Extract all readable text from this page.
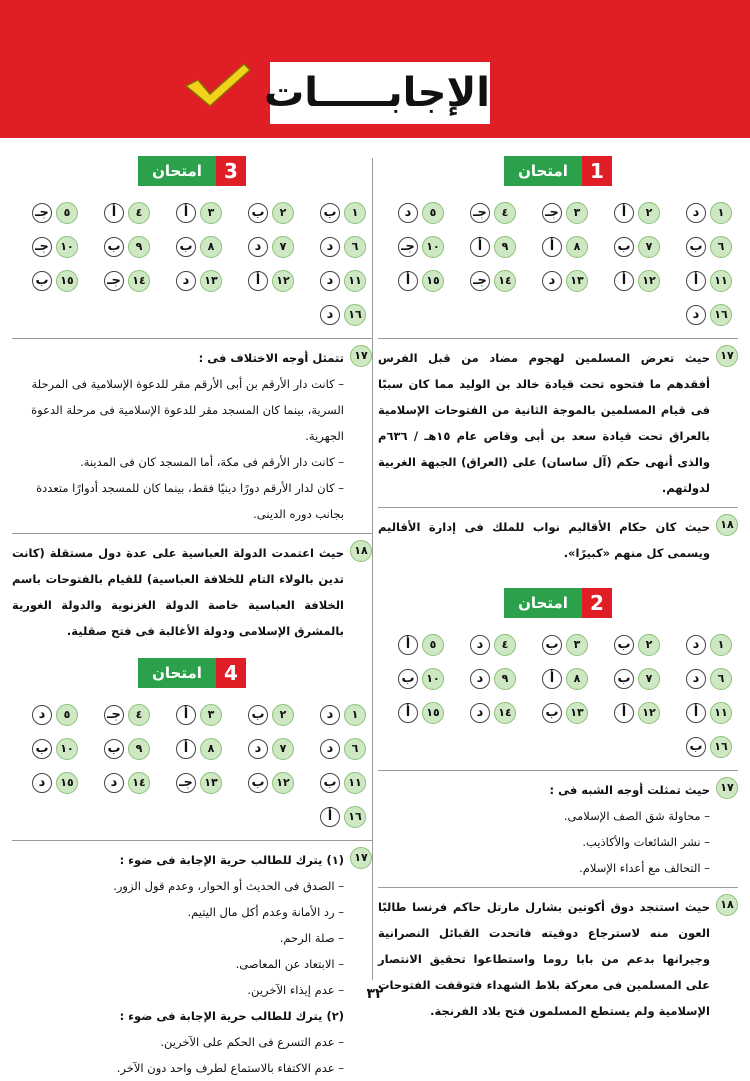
الإجابـــــات
1
امتحان
١
د
٢
أ
٣
جـ
٤
جـ
٥
د
٦
ب
٧
ب
٨
أ
٩
أ
١٠
جـ
١١
أ
١٢
أ
١٣
د
١٤
جـ
١٥
أ
١٦
د
١٧
حيث تعرض المسلمين لهجوم مضاد من قبل الفرس أفقدهم ما فتحوه تحت قيادة خالد بن الوليد مما كان سببًا فى قيام المسلمين بالموجة الثانية من الفتوحات الإسلامية بالعراق تحت قيادة سعد بن أبى وقاص عام ١٥هـ / ٦٣٦م والذى أنهى حكم (آل ساسان) على (العراق) الجبهة الغربية لدولتهم.
١٨
حيث كان حكام الأقاليم نواب للملك فى إدارة الأقاليم ويسمى كل منهم «كبيرًا».
2
امتحان
١
د
٢
ب
٣
ب
٤
د
٥
أ
٦
د
٧
ب
٨
أ
٩
د
١٠
ب
١١
أ
١٢
أ
١٣
ب
١٤
د
١٥
أ
١٦
ب
١٧
حيث تمثلت أوجه الشبه فى :
– محاولة شق الصف الإسلامى.
– نشر الشائعات والأكاذيب.
– التحالف مع أعداء الإسلام.
١٨
حيث استنجد دوق أكوتين بشارل مارتل حاكم فرنسا طالبًا العون منه لاسترجاع دوقيته فاتحدت القبائل النصرانية وجيرانها بدعم من بابا روما واستطاعوا تحقيق الانتصار على المسلمين فى معركة بلاط الشهداء فتوقفت الفتوحات الإسلامية ولم يستطع المسلمون فتح بلاد الفرنجة.
3
امتحان
١
ب
٢
ب
٣
أ
٤
أ
٥
جـ
٦
د
٧
د
٨
ب
٩
ب
١٠
جـ
١١
د
١٢
أ
١٣
د
١٤
جـ
١٥
ب
١٦
د
١٧
تتمثل أوجه الاختلاف فى :
– كانت دار الأرقم بن أبى الأرقم مقر للدعوة الإسلامية فى المرحلة السرية، بينما كان المسجد مقر للدعوة الإسلامية فى مرحلة الدعوة الجهرية.
– كانت دار الأرقم فى مكة، أما المسجد كان فى المدينة.
– كان لدار الأرقم دورًا دينيًا فقط، بينما كان للمسجد أدوارًا متعددة بجانب دوره الدينى.
١٨
حيث اعتمدت الدولة العباسية على عدة دول مستقلة (كانت تدين بالولاء التام للخلافة العباسية) للقيام بالفتوحات باسم الخلافة العباسية خاصة الدولة الغزنوية والدولة الغورية بالمشرق الإسلامى ودولة الأغالبة فى فتح صقلية.
4
امتحان
١
د
٢
ب
٣
أ
٤
جـ
٥
د
٦
د
٧
د
٨
أ
٩
ب
١٠
ب
١١
ب
١٢
ب
١٣
جـ
١٤
د
١٥
د
١٦
أ
١٧
(١) يترك للطالب حرية الإجابة فى ضوء :
– الصدق فى الحديث أو الحوار، وعدم قول الزور.
– رد الأمانة وعدم أكل مال اليتيم.
– صلة الرحم.
– الابتعاد عن المعاصى.
– عدم إيذاء الآخرين.
(٢) يترك للطالب حرية الإجابة فى ضوء :
– عدم التسرع فى الحكم على الآخرين.
– عدم الاكتفاء بالاستماع لطرف واحد دون الآخر.
٣٢
